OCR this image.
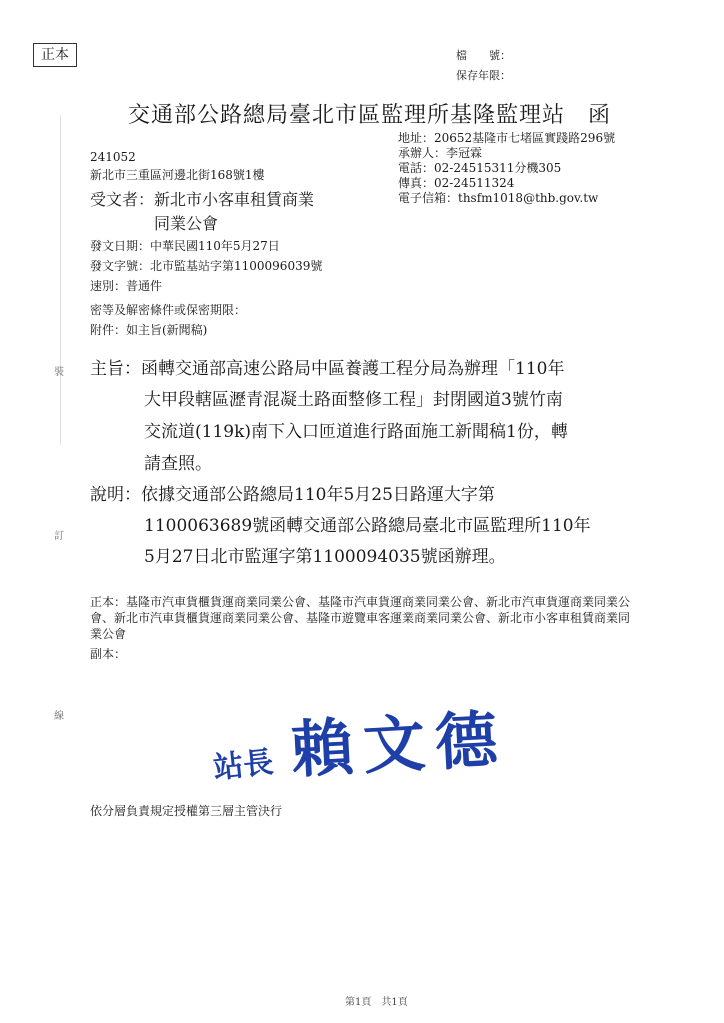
正本	檔　　號：
保存年限：
交通部公路總局臺北市區監理所基隆監理站　函
地址：20652基隆市七堵區實踐路296號
承辦人：李冠霖
電話：02-24515311分機305
傳真：02-24511324
電子信箱：thsfm1018@thb.gov.tw
241052
新北市三重區河邊北街168號1樓
受文者：新北市小客車租賃商業
同業公會
發文日期：中華民國110年5月27日
發文字號：北市監基站字第1100096039號
速別：普通件
密等及解密條件或保密期限：
附件：如主旨(新聞稿)
裝
訂
線
主旨：函轉交通部高速公路局中區養護工程分局為辦理「110年
大甲段轄區瀝青混凝土路面整修工程」封閉國道3號竹南
交流道(119k)南下入口匝道進行路面施工新聞稿1份，轉
請查照。
說明：依據交通部公路總局110年5月25日路運大字第
1100063689號函轉交通部公路總局臺北市區監理所110年
5月27日北市監運字第1100094035號函辦理。
正本：基隆市汽車貨櫃貨運商業同業公會、基隆市汽車貨運商業同業公會、新北市汽車貨運商業同業公會、新北市汽車貨櫃貨運商業同業公會、基隆市遊覽車客運業商業同業公會、新北市小客車租賃商業同業公會
副本：
站長 賴文德
依分層負責規定授權第三層主管決行
第1頁　共1頁
